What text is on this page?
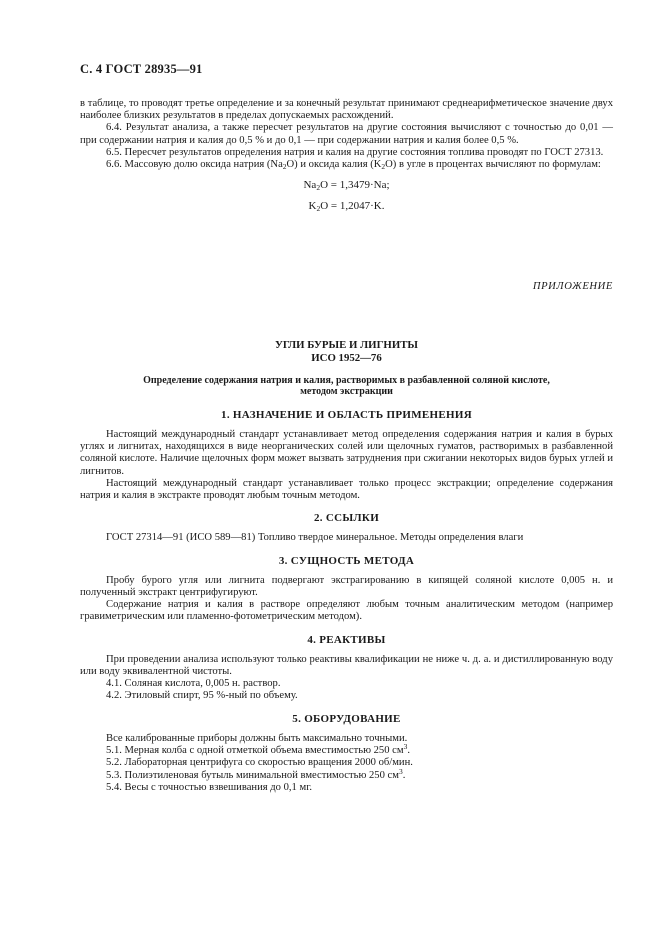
С. 4 ГОСТ 28935—91

в таблице, то проводят третье определение и за конечный результат принимают среднеарифметическое значение двух наиболее близких результатов в пределах допускаемых расхождений.

6.4. Результат анализа, а также пересчет результатов на другие состояния вычисляют с точностью до 0,01 — при содержании натрия и калия до 0,5 % и до 0,1 — при содержании натрия и калия более 0,5 %.

6.5. Пересчет результатов определения натрия и калия на другие состояния топлива проводят по ГОСТ 27313.

6.6. Массовую долю оксида натрия $(Na_2O)$ и оксида калия $(K_2O)$ в угле в процентах вычисляют по формулам:

$Na_2O = 1,3479\cdot Na$;

$K_2O = 1,2047\cdot K$.

ПРИЛОЖЕНИЕ

УГЛИ БУРЫЕ И ЛИГНИТЫ

ИСО 1952—76

Определение содержания натрия и калия, растворимых в разбавленной соляной кислоте,

методом экстракции

1. НАЗНАЧЕНИЕ И ОБЛАСТЬ ПРИМЕНЕНИЯ

Настоящий международный стандарт устанавливает метод определения содержания натрия и калия в бурых углях и лигнитах, находящихся в виде неорганических солей или щелочных гуматов, растворимых в разбавленной соляной кислоте. Наличие щелочных форм может вызвать затруднения при сжигании некоторых видов бурых углей и лигнитов.

Настоящий международный стандарт устанавливает только процесс экстракции; определение содержания натрия и калия в экстракте проводят любым точным методом.

2. ССЫЛКИ

ГОСТ 27314—91 (ИСО 589—81) Топливо твердое минеральное. Методы определения влаги

3. СУЩНОСТЬ МЕТОДА

Пробу бурого угля или лигнита подвергают экстрагированию в кипящей соляной кислоте 0,005 н. и полученный экстракт центрифугируют.

Содержание натрия и калия в растворе определяют любым точным аналитическим методом (например гравиметрическим или пламенно-фотометрическим методом).

4. РЕАКТИВЫ

При проведении анализа используют только реактивы квалификации не ниже ч. д. а. и дистиллированную воду или воду эквивалентной чистоты.

4.1. Соляная кислота, 0,005 н. раствор.

4.2. Этиловый спирт, 95 %-ный по объему.

5. ОБОРУДОВАНИЕ

Все калиброванные приборы должны быть максимально точными.

5.1. Мерная колба с одной отметкой объема вместимостью 250 $см^3$.

5.2. Лабораторная центрифуга со скоростью вращения 2000 об/мин.

5.3. Полиэтиленовая бутыль минимальной вместимостью 250 $см^3$.

5.4. Весы с точностью взвешивания до 0,1 мг.
